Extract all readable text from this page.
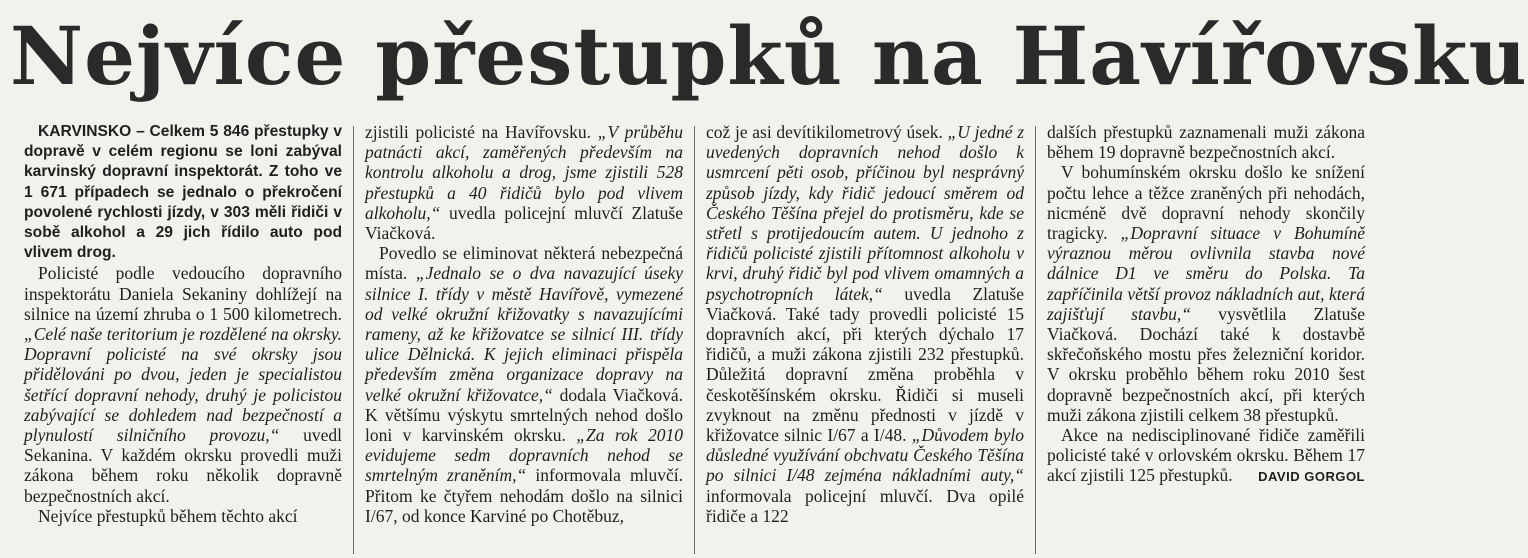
Nejvíce přestupků na Havířovsku

KARVINSKO – Celkem 5 846 přestupky v dopravě v celém regionu se loni zabýval karvinský dopravní inspektorát. Z toho ve 1 671 případech se jednalo o překročení povolené rychlosti jízdy, v 303 měli řidiči v sobě alkohol a 29 jich řídilo auto pod vlivem drog.

Policisté podle vedoucího dopravního inspektorátu Daniela Sekaniny dohlížejí na silnice na území zhruba o 1 500 kilometrech. „Celé naše teritorium je rozdělené na okrsky. Dopravní policisté na své okrsky jsou přidělováni po dvou, jeden je specialistou šetřící dopravní nehody, druhý je policistou zabývající se dohledem nad bezpečností a plynulostí silničního provozu,“ uvedl Sekanina. V každém okrsku provedli muži zákona během roku několik dopravně bezpečnostních akcí.

Nejvíce přestupků během těchto akcí

zjistili policisté na Havířovsku. „V průběhu patnácti akcí, zaměřených především na kontrolu alkoholu a drog, jsme zjistili 528 přestupků a 40 řidičů bylo pod vlivem alkoholu,“ uvedla policejní mluvčí Zlatuše Viačková.

Povedlo se eliminovat některá nebezpečná místa. „Jednalo se o dva navazující úseky silnice I. třídy v městě Havířově, vymezené od velké okružní křižovatky s navazujícími rameny, až ke křižovatce se silnicí III. třídy ulice Dělnická. K jejich eliminaci přispěla především změna organizace dopravy na velké okružní křižovatce,“ dodala Viačková. K většímu výskytu smrtelných nehod došlo loni v karvinském okrsku. „Za rok 2010 evidujeme sedm dopravních nehod se smrtelným zraněním,“ informovala mluvčí. Přitom ke čtyřem nehodám došlo na silnici I/67, od konce Karviné po Chotěbuz,

což je asi devítikilometrový úsek. „U jedné z uvedených dopravních nehod došlo k usmrcení pěti osob, příčinou byl nesprávný způsob jízdy, kdy řidič jedoucí směrem od Českého Těšína přejel do protisměru, kde se střetl s protijedoucím autem. U jednoho z řidičů policisté zjistili přítomnost alkoholu v krvi, druhý řidič byl pod vlivem omamných a psychotropních látek,“ uvedla Zlatuše Viačková. Také tady provedli policisté 15 dopravních akcí, při kterých dýchalo 17 řidičů, a muži zákona zjistili 232 přestupků. Důležitá dopravní změna proběhla v českotěšínském okrsku. Řidiči si museli zvyknout na změnu přednosti v jízdě v křižovatce silnic I/67 a I/48. „Důvodem bylo důsledné využívání obchvatu Českého Těšína po silnici I/48 zejména nákladními auty,“ informovala policejní mluvčí. Dva opilé řidiče a 122

dalších přestupků zaznamenali muži zákona během 19 dopravně bezpečnostních akcí.

V bohumínském okrsku došlo ke snížení počtu lehce a těžce zraněných při nehodách, nicméně dvě dopravní nehody skončily tragicky. „Dopravní situace v Bohumíně výraznou měrou ovlivnila stavba nové dálnice D1 ve směru do Polska. Ta zapříčinila větší provoz nákladních aut, která zajišťují stavbu,“ vysvětlila Zlatuše Viačková. Dochází také k dostavbě skřečoňského mostu přes železniční koridor. V okrsku proběhlo během roku 2010 šest dopravně bezpečnostních akcí, při kterých muži zákona zjistili celkem 38 přestupků.

Akce na nedisciplinované řidiče zaměřili policisté také v orlovském okrsku. Během 17 akcí zjistili 125 přestupků.	DAVID GORGOL
